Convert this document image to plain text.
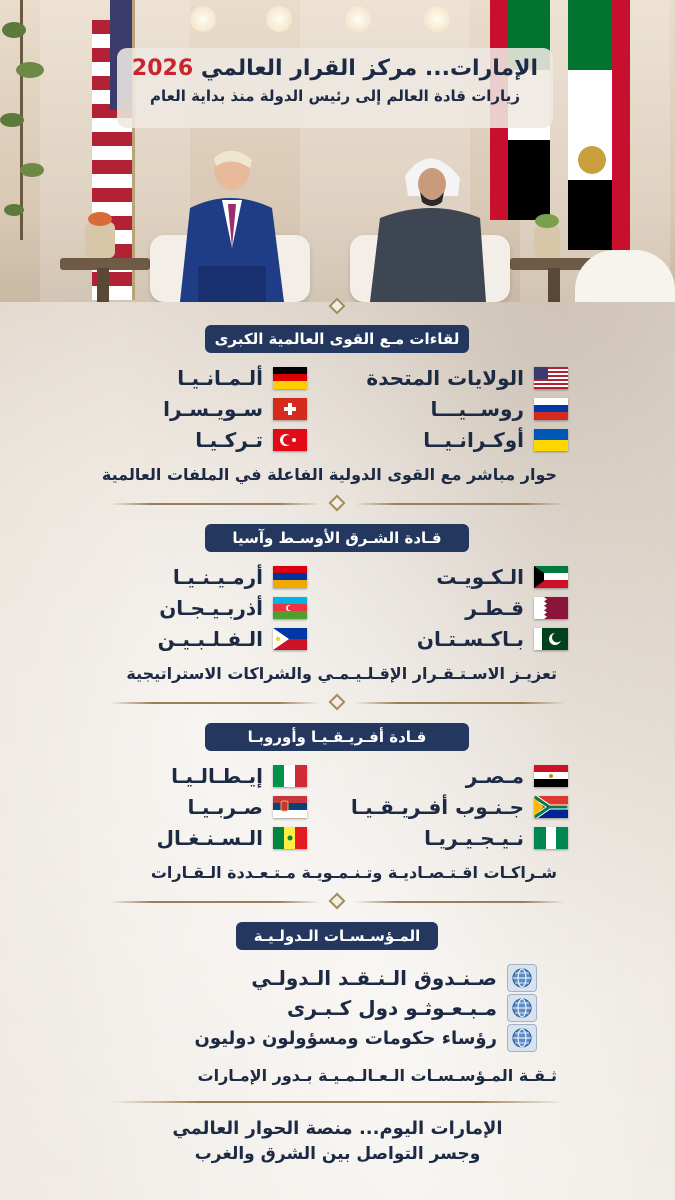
الإمارات... مركز القرار العالمي 2026
زيارات قادة العالم إلى رئيس الدولة منذ بداية العام
لقاءات مـع القوى العالمية الكبرى
الولايات المتحدة
روســيـــا
أوكـرانـيــا
ألـمـانـيـا
سـويـسـرا
تـركـيـا
حوار مباشر مع القوى الدولية الفاعلة في الملفات العالمية
قـادة الشـرق الأوسـط وآسيا
الـكـويـت
قـطـر
بـاكـسـتـان
أرمـيـنـيـا
أذربـيـجـان
الـفـلـبـيـن
تعزيـز الاسـتـقـرار الإقـلـيـمـي والشراكات الاستراتيجية
قـادة أفـريـقـيـا وأوروبـا
مـصـر
جـنـوب أفـريـقـيـا
نـيـجـيـريـا
إيـطـالـيـا
صـربـيـا
الـسـنـغـال
شـراكـات اقـتـصـاديـة وتـنـمـويـة مـتـعـددة الـقـارات
المـؤسـسـات الـدولـيـة
صـنـدوق الـنـقـد الـدولـي
مـبـعـوثـو دول كـبـرى
رؤساء حكومات ومسؤولون دوليون
ثـقـة المـؤسـسـات الـعـالـمـيـة بـدور الإمـارات
الإمارات اليوم... منصة الحوار العالمي
وجسر التواصل بين الشرق والغرب
